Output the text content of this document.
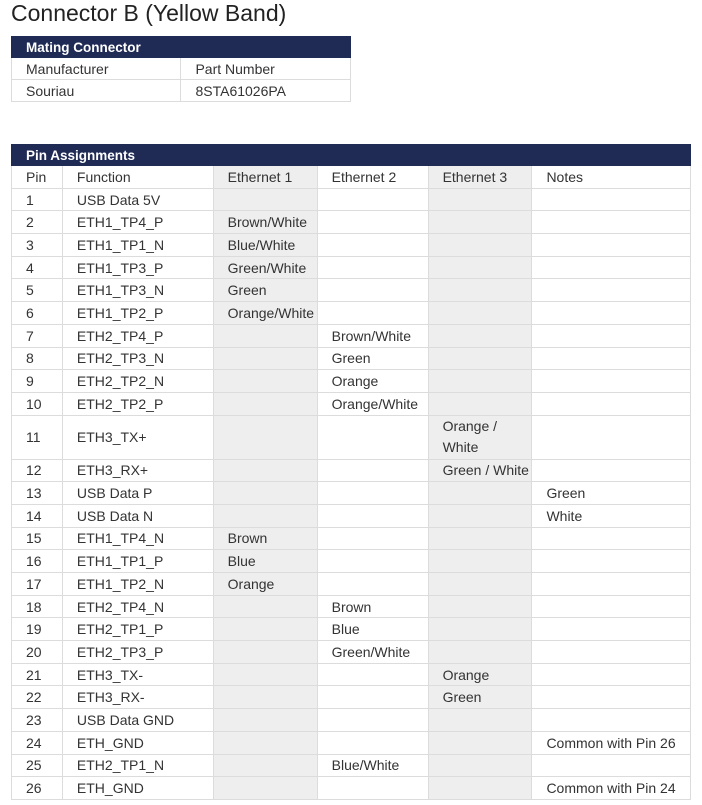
Connector B (Yellow Band)
Mating Connector	
Manufacturer	Part Number
Souriau	8STA61026PA
Pin Assignments					
Pin	Function	Ethernet 1	Ethernet 2	Ethernet 3	Notes
1	USB Data 5V				
2	ETH1_TP4_P	Brown/White			
3	ETH1_TP1_N	Blue/White			
4	ETH1_TP3_P	Green/White			
5	ETH1_TP3_N	Green			
6	ETH1_TP2_P	Orange/White			
7	ETH2_TP4_P		Brown/White		
8	ETH2_TP3_N		Green		
9	ETH2_TP2_N		Orange		
10	ETH2_TP2_P		Orange/White		
11	ETH3_TX+			Orange / White	
12	ETH3_RX+			Green / White	
13	USB Data P				Green
14	USB Data N				White
15	ETH1_TP4_N	Brown			
16	ETH1_TP1_P	Blue			
17	ETH1_TP2_N	Orange			
18	ETH2_TP4_N		Brown		
19	ETH2_TP1_P		Blue		
20	ETH2_TP3_P		Green/White		
21	ETH3_TX-			Orange	
22	ETH3_RX-			Green	
23	USB Data GND				
24	ETH_GND				Common with Pin 26
25	ETH2_TP1_N		Blue/White		
26	ETH_GND				Common with Pin 24
